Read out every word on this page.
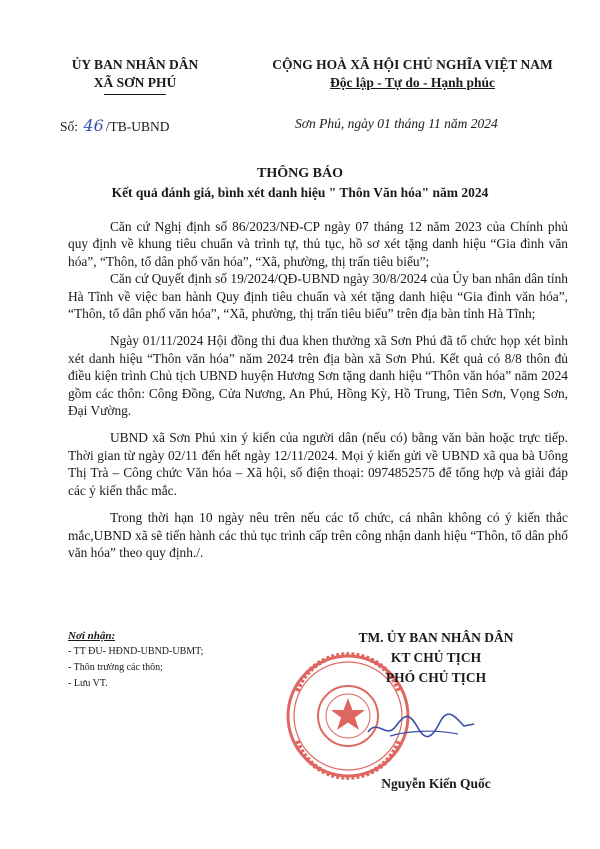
ỦY BAN NHÂN DÂN
XÃ SƠN PHÚ
CỘNG HOÀ XÃ HỘI CHỦ NGHĨA VIỆT NAM
Độc lập - Tự do - Hạnh phúc
Số: 46 /TB-UBND	Sơn Phú, ngày 01 tháng 11 năm 2024
THÔNG BÁO
Kết quả đánh giá, bình xét danh hiệu " Thôn Văn hóa" năm 2024

Căn cứ Nghị định số 86/2023/NĐ-CP ngày 07 tháng 12 năm 2023 của Chính phủ quy định về khung tiêu chuẩn và trình tự, thủ tục, hồ sơ xét tặng danh hiệu “Gia đình văn hóa”, “Thôn, tổ dân phố văn hóa”, “Xã, phường, thị trấn tiêu biểu”;

Căn cứ Quyết định số 19/2024/QĐ-UBND ngày 30/8/2024 của Ủy ban nhân dân tỉnh Hà Tĩnh về việc ban hành Quy định tiêu chuẩn và xét tặng danh hiệu “Gia đình văn hóa”, “Thôn, tổ dân phố văn hóa”, “Xã, phường, thị trấn tiêu biểu” trên địa bàn tỉnh Hà Tĩnh;

Ngày 01/11/2024 Hội đồng thi đua khen thưởng xã Sơn Phú đã tổ chức họp xét bình xét danh hiệu “Thôn văn hóa” năm 2024 trên địa bàn xã Sơn Phú. Kết quả có 8/8 thôn đủ điều kiện trình Chủ tịch UBND huyện Hương Sơn tặng danh hiệu “Thôn văn hóa” năm 2024 gồm các thôn: Công Đồng, Cửa Nương, An Phú, Hồng Kỳ, Hồ Trung, Tiên Sơn, Vọng Sơn, Đại Vường.

UBND xã Sơn Phú xin ý kiến của người dân (nếu có) bằng văn bản hoặc trực tiếp. Thời gian từ ngày 02/11 đến hết ngày 12/11/2024. Mọi ý kiến gửi về UBND xã qua bà Uông Thị Trà – Công chức Văn hóa – Xã hội, số điện thoại: 0974852575 để tổng hợp và giải đáp các ý kiến thắc mắc.

Trong thời hạn 10 ngày nêu trên nếu các tổ chức, cá nhân không có ý kiến thắc mắc,UBND xã sẽ tiến hành các thủ tục trình cấp trên công nhận danh hiệu “Thôn, tổ dân phố văn hóa” theo quy định./.

Nơi nhận:
- TT ĐU- HĐND-UBND-UBMT;
- Thôn trưởng các thôn;
- Lưu VT.
TM. ỦY BAN NHÂN DÂN
KT CHỦ TỊCH
PHÓ CHỦ TỊCH
Nguyễn Kiến Quốc
